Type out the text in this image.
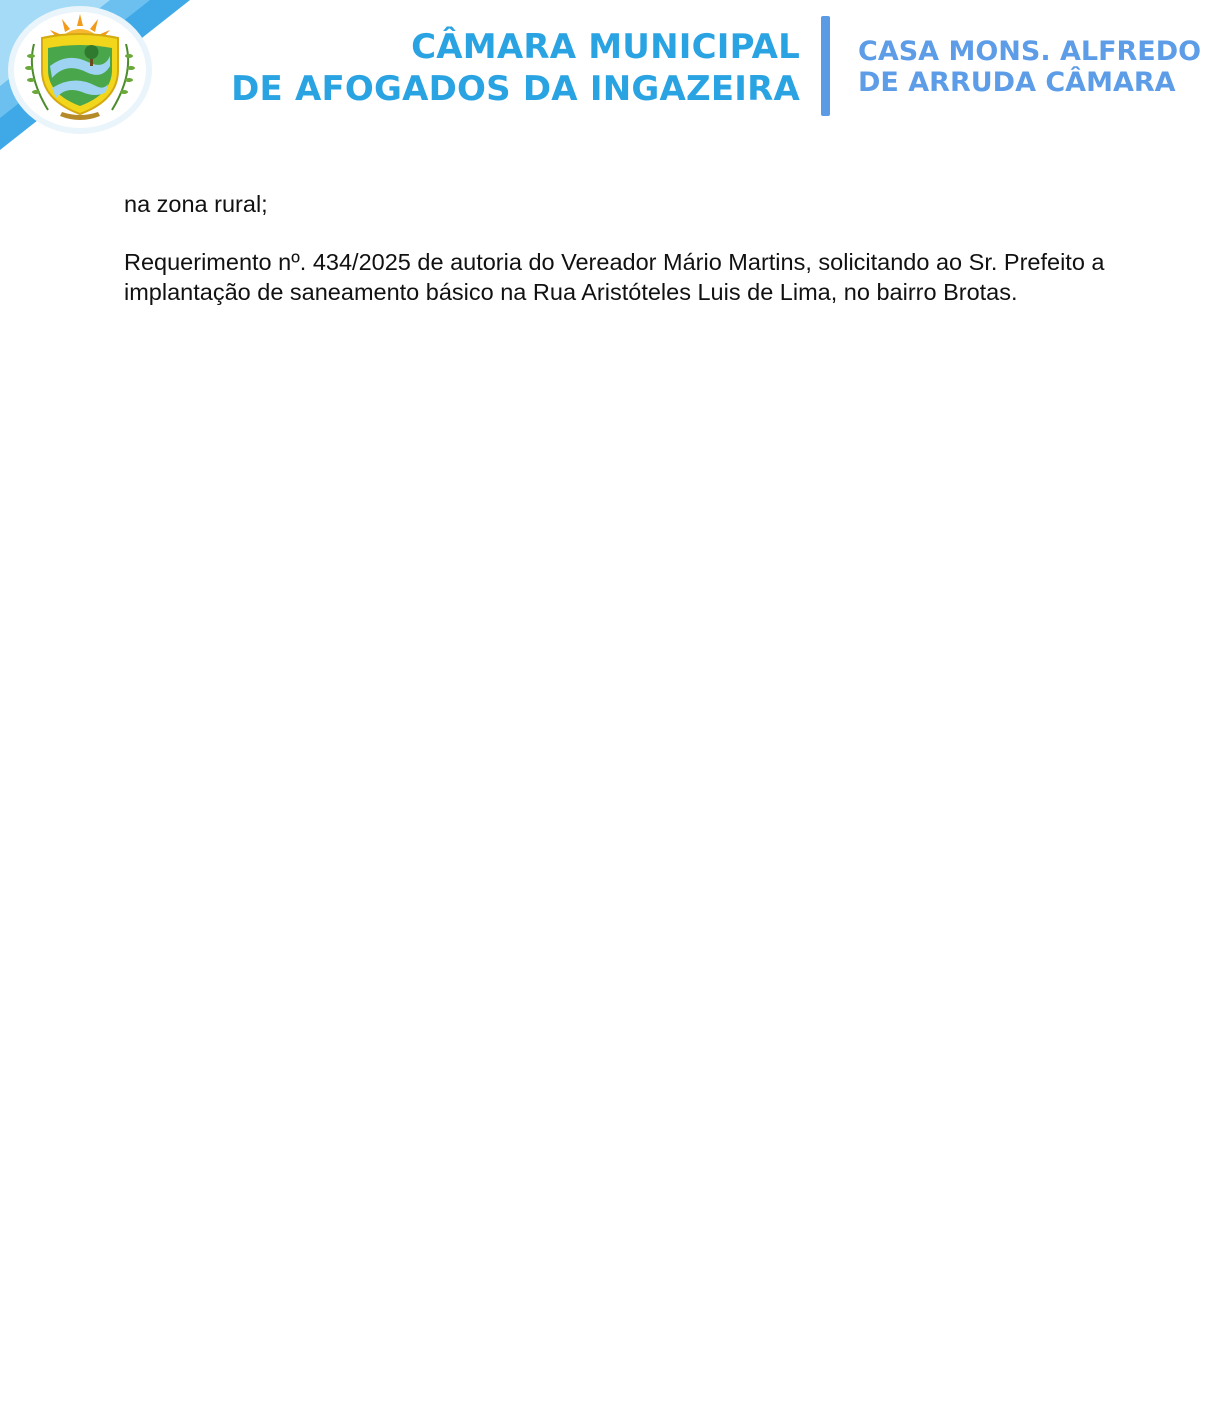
CÂMARA MUNICIPAL
DE AFOGADOS DA INGAZEIRA
CASA MONS. ALFREDO
DE ARRUDA CÂMARA

na zona rural;

Requerimento nº. 434/2025 de autoria do Vereador Mário Martins, solicitando ao Sr. Prefeito a implantação de saneamento básico na Rua Aristóteles Luis de Lima, no bairro Brotas.
